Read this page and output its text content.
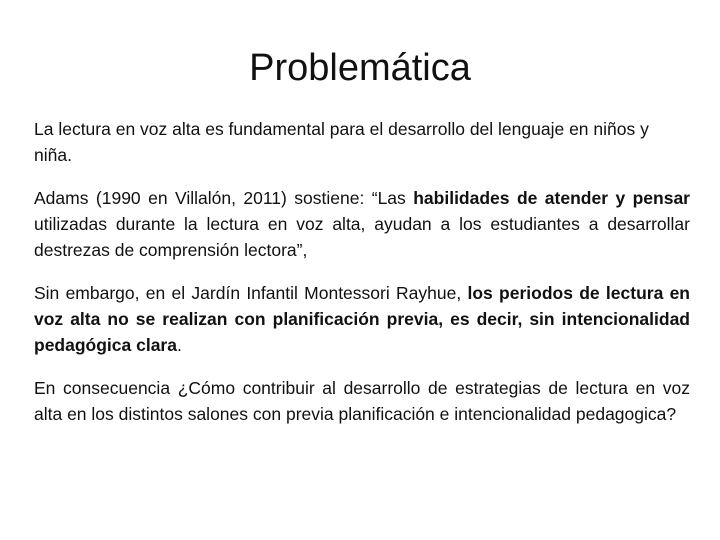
Problemática

La lectura en voz alta es fundamental para el desarrollo del lenguaje en niños y niña.

Adams (1990 en Villalón, 2011) sostiene: “Las habilidades de atender y pensar utilizadas durante la lectura en voz alta, ayudan a los estudiantes a desarrollar destrezas de comprensión lectora”,

Sin embargo, en el Jardín Infantil Montessori Rayhue, los periodos de lectura en voz alta no se realizan con planificación previa, es decir, sin intencionalidad pedagógica clara.

En consecuencia ¿Cómo contribuir al desarrollo de estrategias de lectura en voz alta en los distintos salones con previa planificación e intencionalidad pedagogica?
